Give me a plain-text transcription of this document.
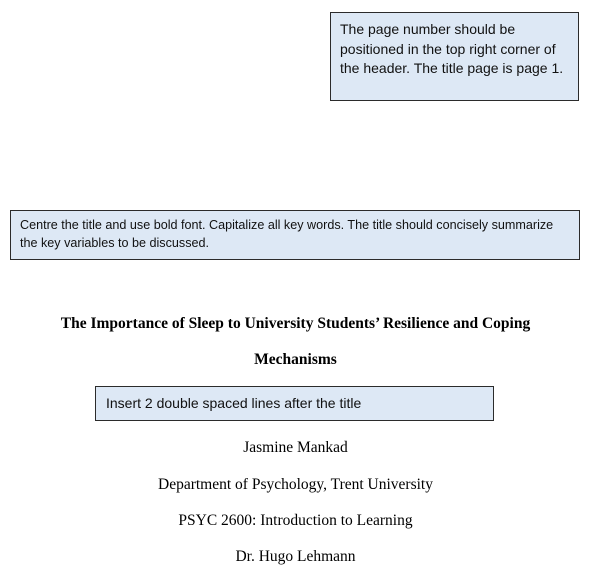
The page number should be positioned in the top right corner of the header. The title page is page 1.
Centre the title and use bold font. Capitalize all key words. The title should concisely summarize the key variables to be discussed.
The Importance of Sleep to University Students’ Resilience and Coping
Mechanisms
Insert 2 double spaced lines after the title
Jasmine Mankad
Department of Psychology, Trent University
PSYC 2600: Introduction to Learning
Dr. Hugo Lehmann
